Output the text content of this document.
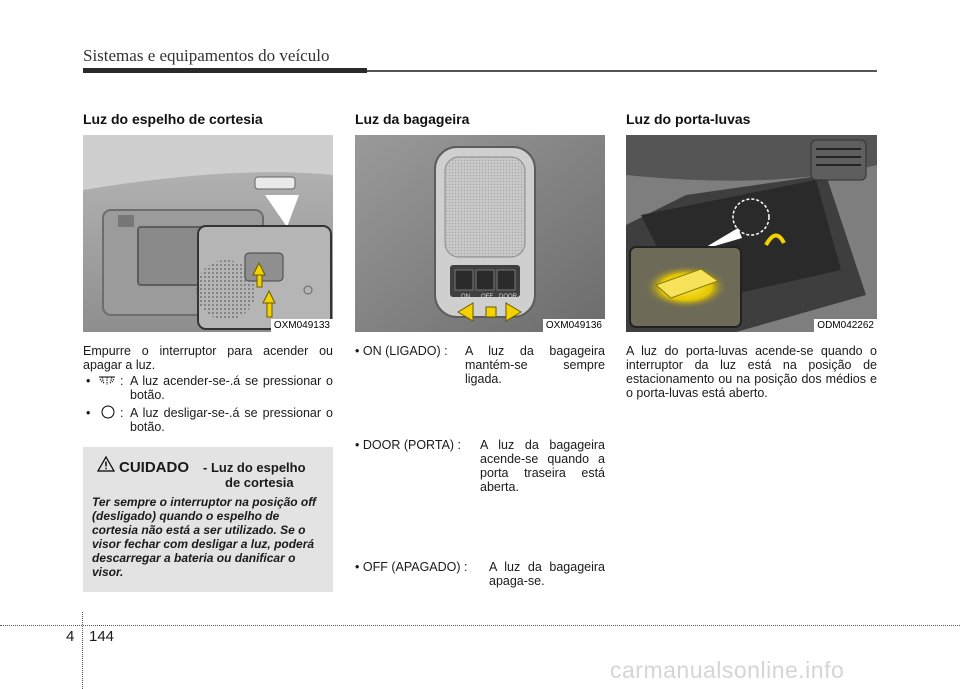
Sistemas e equipamentos do veículo
Luz do espelho de cortesia
OXM049133
Empurre o interruptor para acender ou apagar a luz.
• : A luz acender-se-.á se pressionar o botão.
• : A luz desligar-se-.á se pressionar o botão.
CUIDADO - Luz do espelho
de cortesia
Ter sempre o interruptor na posição off (desligado) quando o espelho de cortesia não está a ser utilizado. Se o visor fechar com desligar a luz, poderá descarregar a bateria ou danificar o visor.
Luz da bagageira
ON OFF DOOR
OXM049136
• ON (LIGADO) : A luz da bagageira mantém-se sempre ligada.
• DOOR (PORTA) : A luz da bagageira acende-se quando a porta traseira está aberta.
• OFF (APAGADO) : A luz da bagageira apaga-se.
Luz do porta-luvas
ODM042262
A luz do porta-luvas acende-se quando o interruptor da luz está na posição de estacionamento ou na posição dos médios e o porta-luvas está aberto.
4 144
carmanualsonline.info
